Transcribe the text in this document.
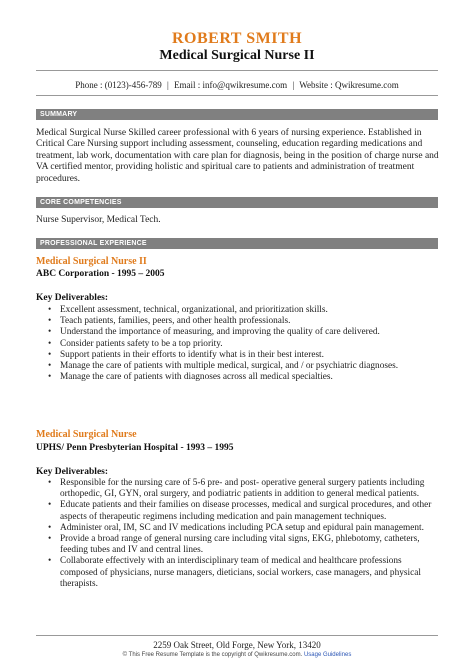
ROBERT SMITH
Medical Surgical Nurse II
Phone : (0123)-456-789 | Email : info@qwikresume.com | Website : Qwikresume.com
SUMMARY
Medical Surgical Nurse Skilled career professional with 6 years of nursing experience. Established in Critical Care Nursing support including assessment, counseling, education regarding medications and treatment, lab work, documentation with care plan for diagnosis, being in the position of charge nurse and VA certified mentor, providing holistic and spiritual care to patients and administration of treatment procedures.
CORE COMPETENCIES
Nurse Supervisor, Medical Tech.
PROFESSIONAL EXPERIENCE
Medical Surgical Nurse II
ABC Corporation - 1995 – 2005
Key Deliverables:
• Excellent assessment, technical, organizational, and prioritization skills.
• Teach patients, families, peers, and other health professionals.
• Understand the importance of measuring, and improving the quality of care delivered.
• Consider patients safety to be a top priority.
• Support patients in their efforts to identify what is in their best interest.
• Manage the care of patients with multiple medical, surgical, and / or psychiatric diagnoses.
• Manage the care of patients with diagnoses across all medical specialties.
Medical Surgical Nurse
UPHS/ Penn Presbyterian Hospital - 1993 – 1995
Key Deliverables:
• Responsible for the nursing care of 5-6 pre- and post- operative general surgery patients including orthopedic, GI, GYN, oral surgery, and podiatric patients in addition to general medical patients.
• Educate patients and their families on disease processes, medical and surgical procedures, and other aspects of therapeutic regimens including medication and pain management techniques.
• Administer oral, IM, SC and IV medications including PCA setup and epidural pain management.
• Provide a broad range of general nursing care including vital signs, EKG, phlebotomy, catheters, feeding tubes and IV and central lines.
• Collaborate effectively with an interdisciplinary team of medical and healthcare professions composed of physicians, nurse managers, dieticians, social workers, case managers, and physical therapists.
2259 Oak Street, Old Forge, New York, 13420
© This Free Resume Template is the copyright of Qwikresume.com. Usage Guidelines
